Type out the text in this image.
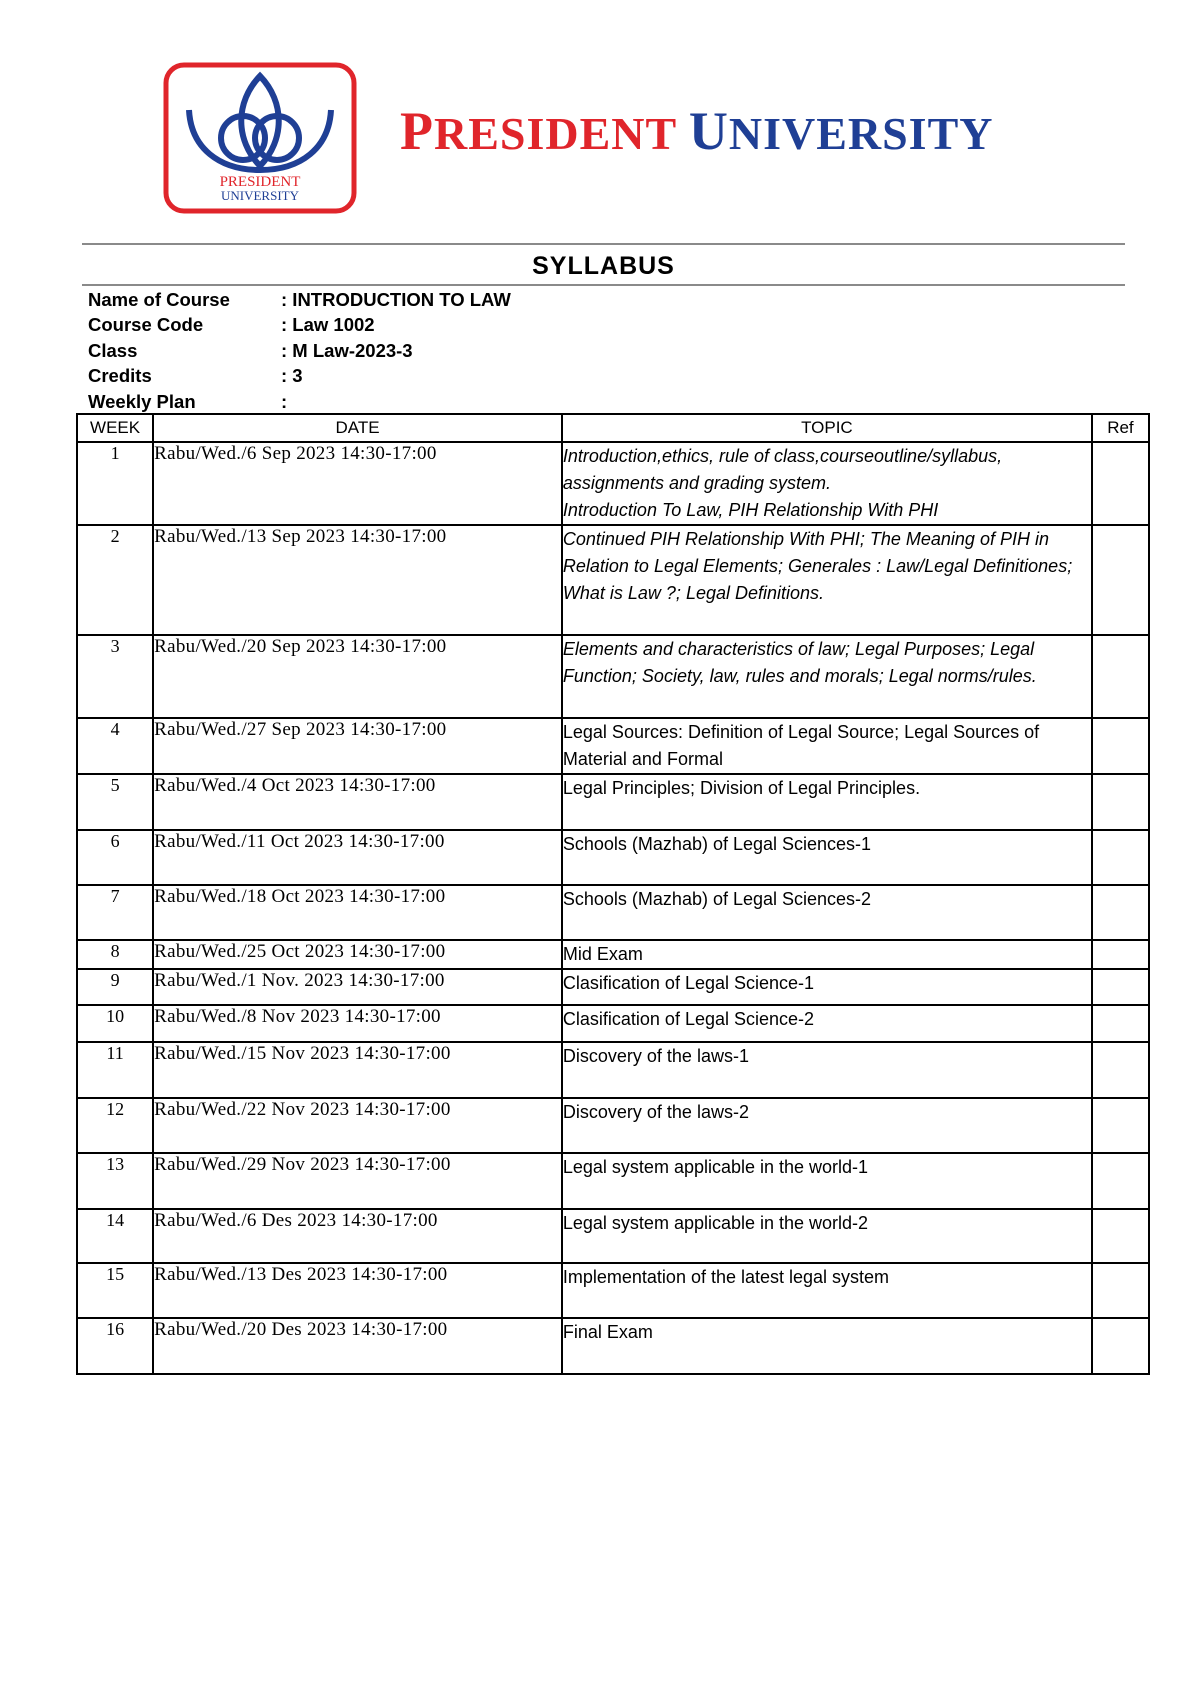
PRESIDENT
UNIVERSITY
PRESIDENT UNIVERSITY
SYLLABUS
Name of Course	: INTRODUCTION TO LAW
Course Code	: Law 1002
Class	: M Law-2023-3
Credits	: 3
Weekly Plan	:
WEEK	DATE	TOPIC	Ref
1	Rabu/Wed./6 Sep 2023 14:30-17:00	Introduction,ethics, rule of class,courseoutline/syllabus, assignments and grading system.
Introduction To Law, PIH Relationship With PHI	

2	Rabu/Wed./13 Sep 2023 14:30-17:00	Continued PIH Relationship With PHI; The Meaning of PIH in Relation to Legal Elements; Generales : Law/Legal Definitiones; What is Law ?; Legal Definitions.	
3	Rabu/Wed./20 Sep 2023 14:30-17:00	Elements and characteristics of law; Legal Purposes; Legal Function; Society, law, rules and morals; Legal norms/rules.	
4	Rabu/Wed./27 Sep 2023 14:30-17:00	Legal Sources: Definition of Legal Source; Legal Sources of Material and Formal	
5	Rabu/Wed./4 Oct 2023 14:30-17:00	Legal Principles; Division of Legal Principles.	
6	Rabu/Wed./11 Oct 2023 14:30-17:00	Schools (Mazhab) of Legal Sciences-1	
7	Rabu/Wed./18 Oct 2023 14:30-17:00	Schools (Mazhab) of Legal Sciences-2	
8	Rabu/Wed./25 Oct 2023 14:30-17:00	Mid Exam	
9	Rabu/Wed./1 Nov. 2023 14:30-17:00	Clasification of Legal Science-1	
10	Rabu/Wed./8 Nov 2023 14:30-17:00	Clasification of Legal Science-2	
11	Rabu/Wed./15 Nov 2023 14:30-17:00	Discovery of the laws-1	
12	Rabu/Wed./22 Nov 2023 14:30-17:00	Discovery of the laws-2	
13	Rabu/Wed./29 Nov 2023 14:30-17:00	Legal system applicable in the world-1	
14	Rabu/Wed./6 Des 2023 14:30-17:00	Legal system applicable in the world-2	
15	Rabu/Wed./13 Des 2023 14:30-17:00	Implementation of the latest legal system	
16	Rabu/Wed./20 Des 2023 14:30-17:00	Final Exam	
